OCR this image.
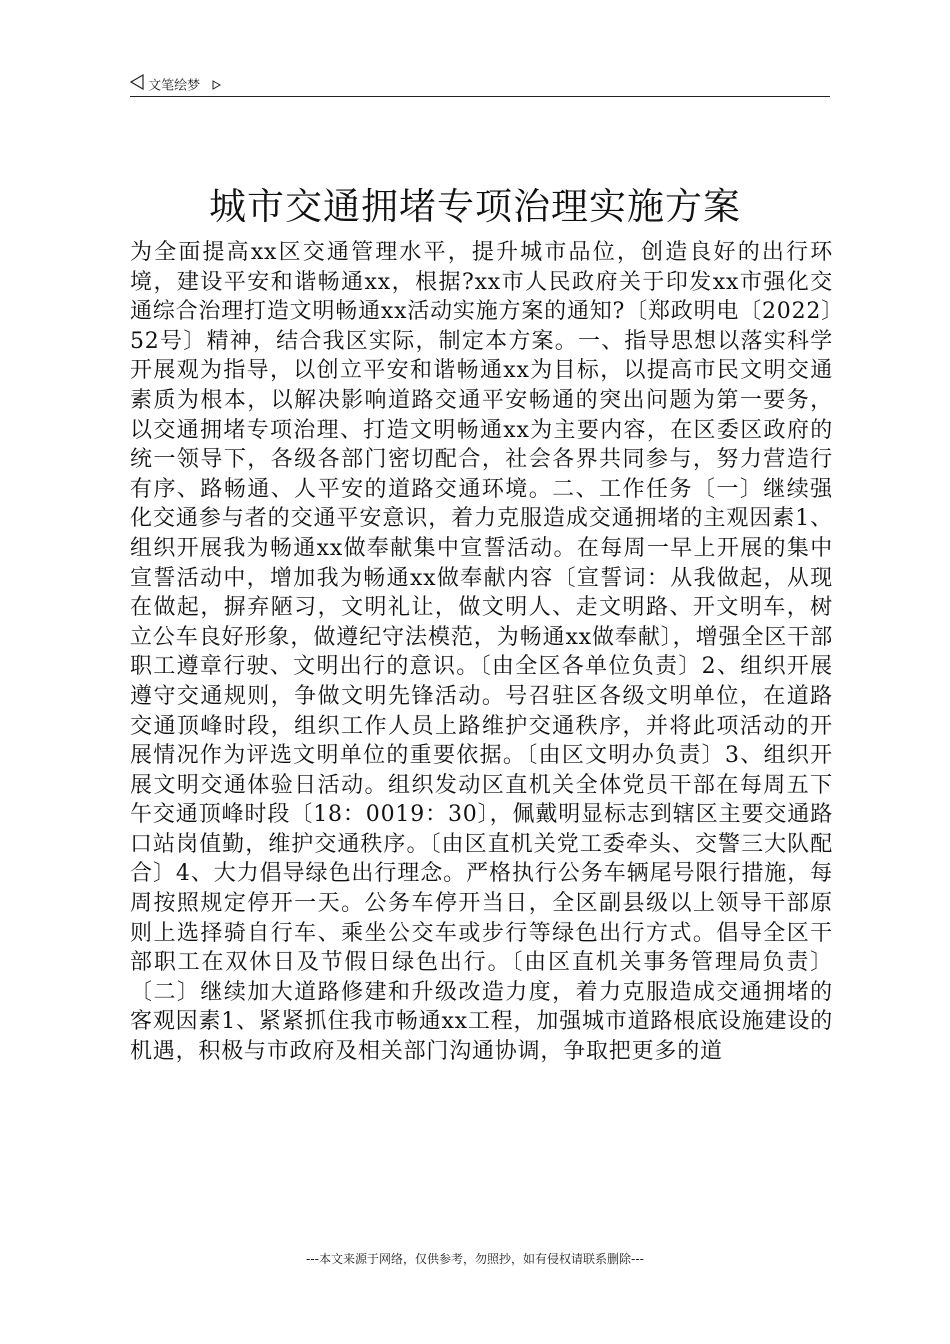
文笔绘梦
城市交通拥堵专项治理实施方案

为全面提高xx区交通管理水平，提升城市品位，创造良好的出行环境，建设平安和谐畅通xx，根据?xx市人民政府关于印发xx市强化交通综合治理打造文明畅通xx活动实施方案的通知?〔郑政明电〔2022〕52号〕精神，结合我区实际，制定本方案。一、指导思想以落实科学开展观为指导，以创立平安和谐畅通xx为目标，以提高市民文明交通素质为根本，以解决影响道路交通平安畅通的突出问题为第一要务，以交通拥堵专项治理、打造文明畅通xx为主要内容，在区委区政府的统一领导下，各级各部门密切配合，社会各界共同参与，努力营造行有序、路畅通、人平安的道路交通环境。二、工作任务〔一〕继续强化交通参与者的交通平安意识，着力克服造成交通拥堵的主观因素1、组织开展我为畅通xx做奉献集中宣誓活动。在每周一早上开展的集中宣誓活动中，增加我为畅通xx做奉献内容〔宣誓词：从我做起，从现在做起，摒弃陋习，文明礼让，做文明人、走文明路、开文明车，树立公车良好形象，做遵纪守法模范，为畅通xx做奉献〕，增强全区干部职工遵章行驶、文明出行的意识。〔由全区各单位负责〕2、组织开展遵守交通规则，争做文明先锋活动。号召驻区各级文明单位，在道路交通顶峰时段，组织工作人员上路维护交通秩序，并将此项活动的开展情况作为评选文明单位的重要依据。〔由区文明办负责〕3、组织开展文明交通体验日活动。组织发动区直机关全体党员干部在每周五下午交通顶峰时段〔18：0019：30〕，佩戴明显标志到辖区主要交通路口站岗值勤，维护交通秩序。〔由区直机关党工委牵头、交警三大队配合〕4、大力倡导绿色出行理念。严格执行公务车辆尾号限行措施，每周按照规定停开一天。公务车停开当日，全区副县级以上领导干部原则上选择骑自行车、乘坐公交车或步行等绿色出行方式。倡导全区干部职工在双休日及节假日绿色出行。〔由区直机关事务管理局负责〕〔二〕继续加大道路修建和升级改造力度，着力克服造成交通拥堵的客观因素1、紧紧抓住我市畅通xx工程，加强城市道路根底设施建设的机遇，积极与市政府及相关部门沟通协调，争取把更多的道

---本文来源于网络，仅供参考，勿照抄，如有侵权请联系删除---
